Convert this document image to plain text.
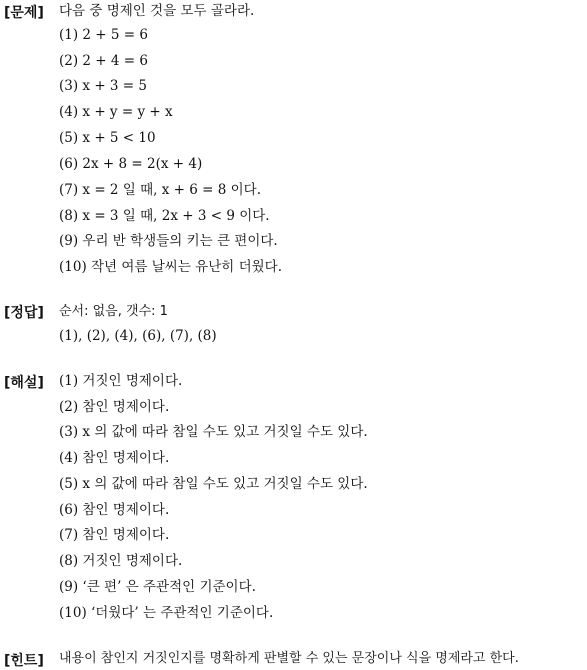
[문제] 다음 중 명제인 것을 모두 골라라.
(1) 2 + 5 = 6
(2) 2 + 4 = 6
(3) x + 3 = 5
(4) x + y = y + x
(5) x + 5 < 10
(6) 2x + 8 = 2(x + 4)
(7) x = 2 일 때, x + 6 = 8 이다.
(8) x = 3 일 때, 2x + 3 < 9 이다.
(9) 우리 반 학생들의 키는 큰 편이다.
(10) 작년 여름 날씨는 유난히 더웠다.
[정답] 순서: 없음, 갯수: 1
(1), (2), (4), (6), (7), (8)
[해설] (1) 거짓인 명제이다.
(2) 참인 명제이다.
(3) x 의 값에 따라 참일 수도 있고 거짓일 수도 있다.
(4) 참인 명제이다.
(5) x 의 값에 따라 참일 수도 있고 거짓일 수도 있다.
(6) 참인 명제이다.
(7) 참인 명제이다.
(8) 거짓인 명제이다.
(9) ‘큰 편’ 은 주관적인 기준이다.
(10) ‘더웠다’ 는 주관적인 기준이다.
[힌트] 내용이 참인지 거짓인지를 명확하게 판별할 수 있는 문장이나 식을 명제라고 한다.
